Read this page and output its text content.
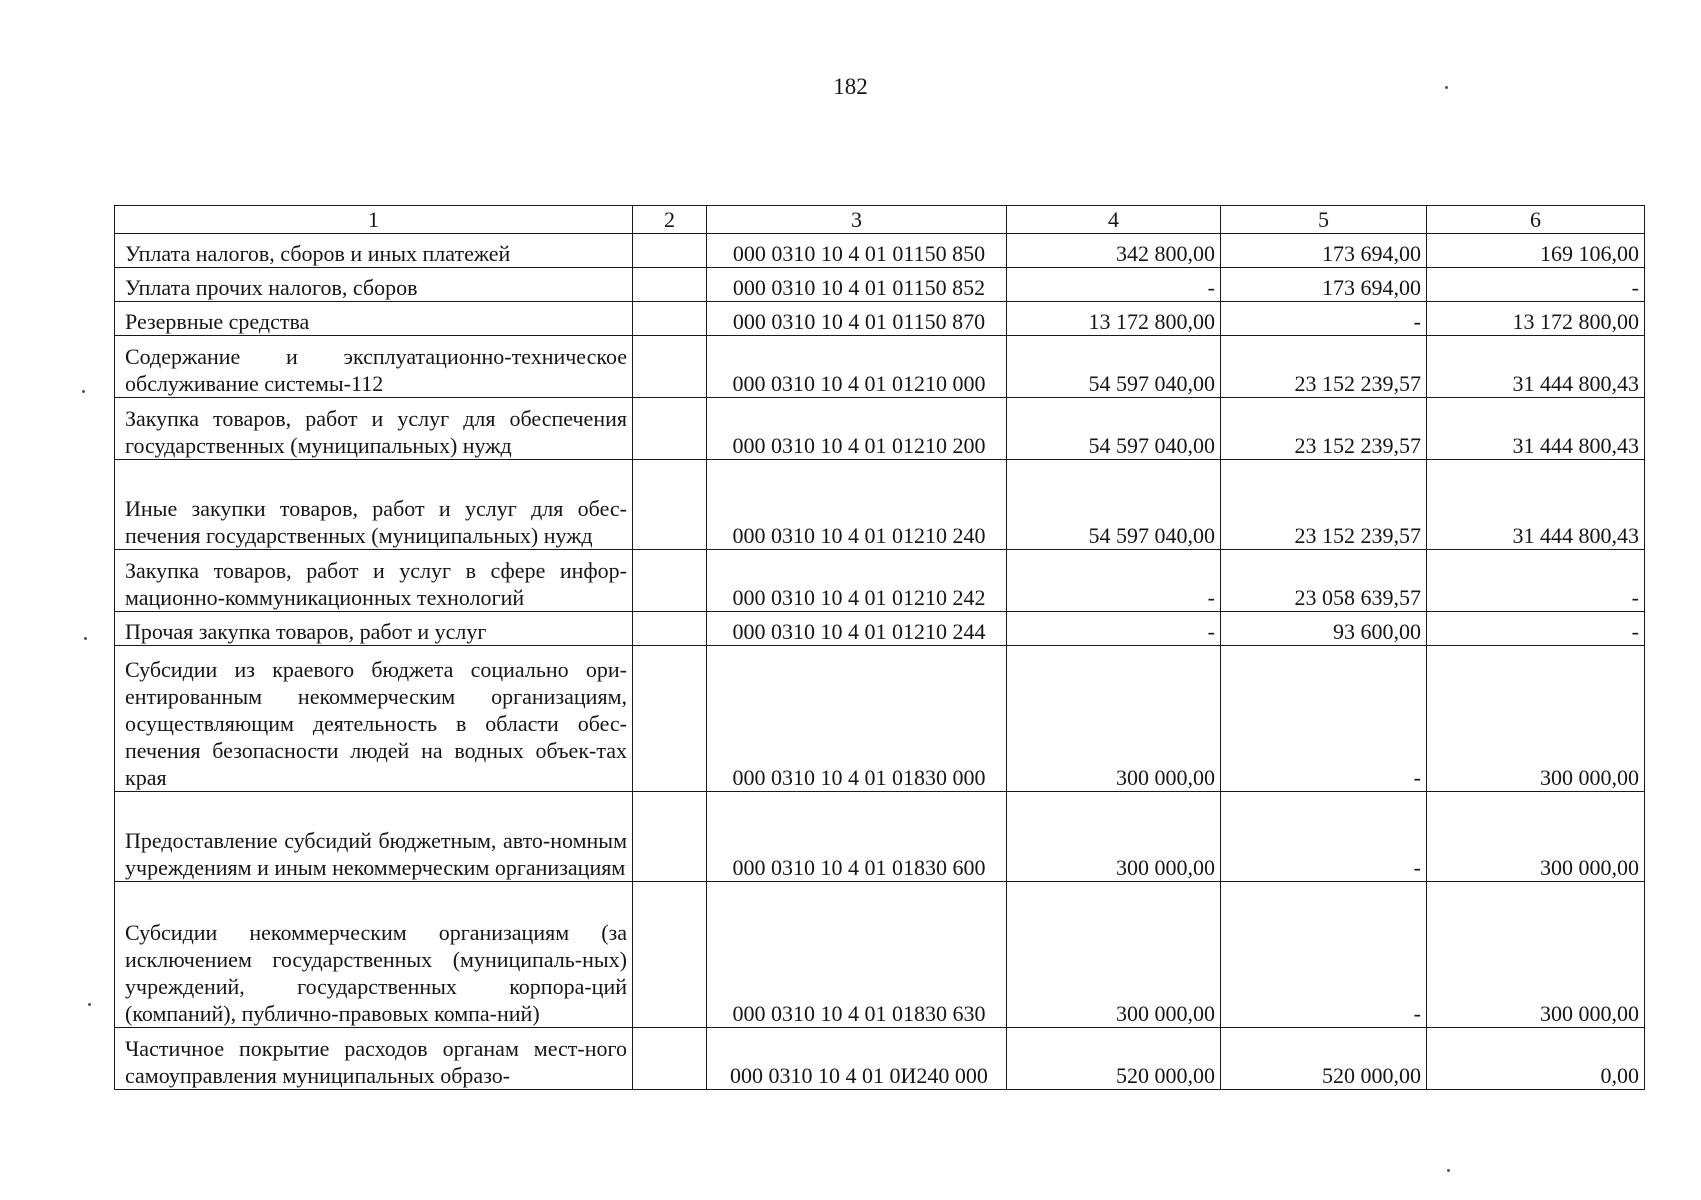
182
1	2	3	4	5	6
Уплата налогов, сборов и иных платежей		000 0310 10 4 01 01150 850	342 800,00	173 694,00	169 106,00
Уплата прочих налогов, сборов		000 0310 10 4 01 01150 852	-	173 694,00	-
Резервные средства		000 0310 10 4 01 01150 870	13 172 800,00	-	13 172 800,00
Содержание и эксплуатационно-техническое обслуживание системы-112		000 0310 10 4 01 01210 000	54 597 040,00	23 152 239,57	31 444 800,43
Закупка товаров, работ и услуг для обеспечения государственных (муниципальных) нужд		000 0310 10 4 01 01210 200	54 597 040,00	23 152 239,57	31 444 800,43
Иные закупки товаров, работ и услуг для обес-печения государственных (муниципальных) нужд		000 0310 10 4 01 01210 240	54 597 040,00	23 152 239,57	31 444 800,43
Закупка товаров, работ и услуг в сфере инфор-мационно-коммуникационных технологий		000 0310 10 4 01 01210 242	-	23 058 639,57	-
Прочая закупка товаров, работ и услуг		000 0310 10 4 01 01210 244	-	93 600,00	-
Субсидии из краевого бюджета социально ори-ентированным некоммерческим организациям, осуществляющим деятельность в области обес-печения безопасности людей на водных объек-тах края		000 0310 10 4 01 01830 000	300 000,00	-	300 000,00
Предоставление субсидий бюджетным, авто-номным учреждениям и иным некоммерческим организациям		000 0310 10 4 01 01830 600	300 000,00	-	300 000,00
Субсидии некоммерческим организациям (за исключением государственных (муниципаль-ных) учреждений, государственных корпора-ций (компаний), публично-правовых компа-ний)		000 0310 10 4 01 01830 630	300 000,00	-	300 000,00
Частичное покрытие расходов органам мест-ного самоуправления муниципальных образо-		000 0310 10 4 01 0И240 000	520 000,00	520 000,00	0,00
